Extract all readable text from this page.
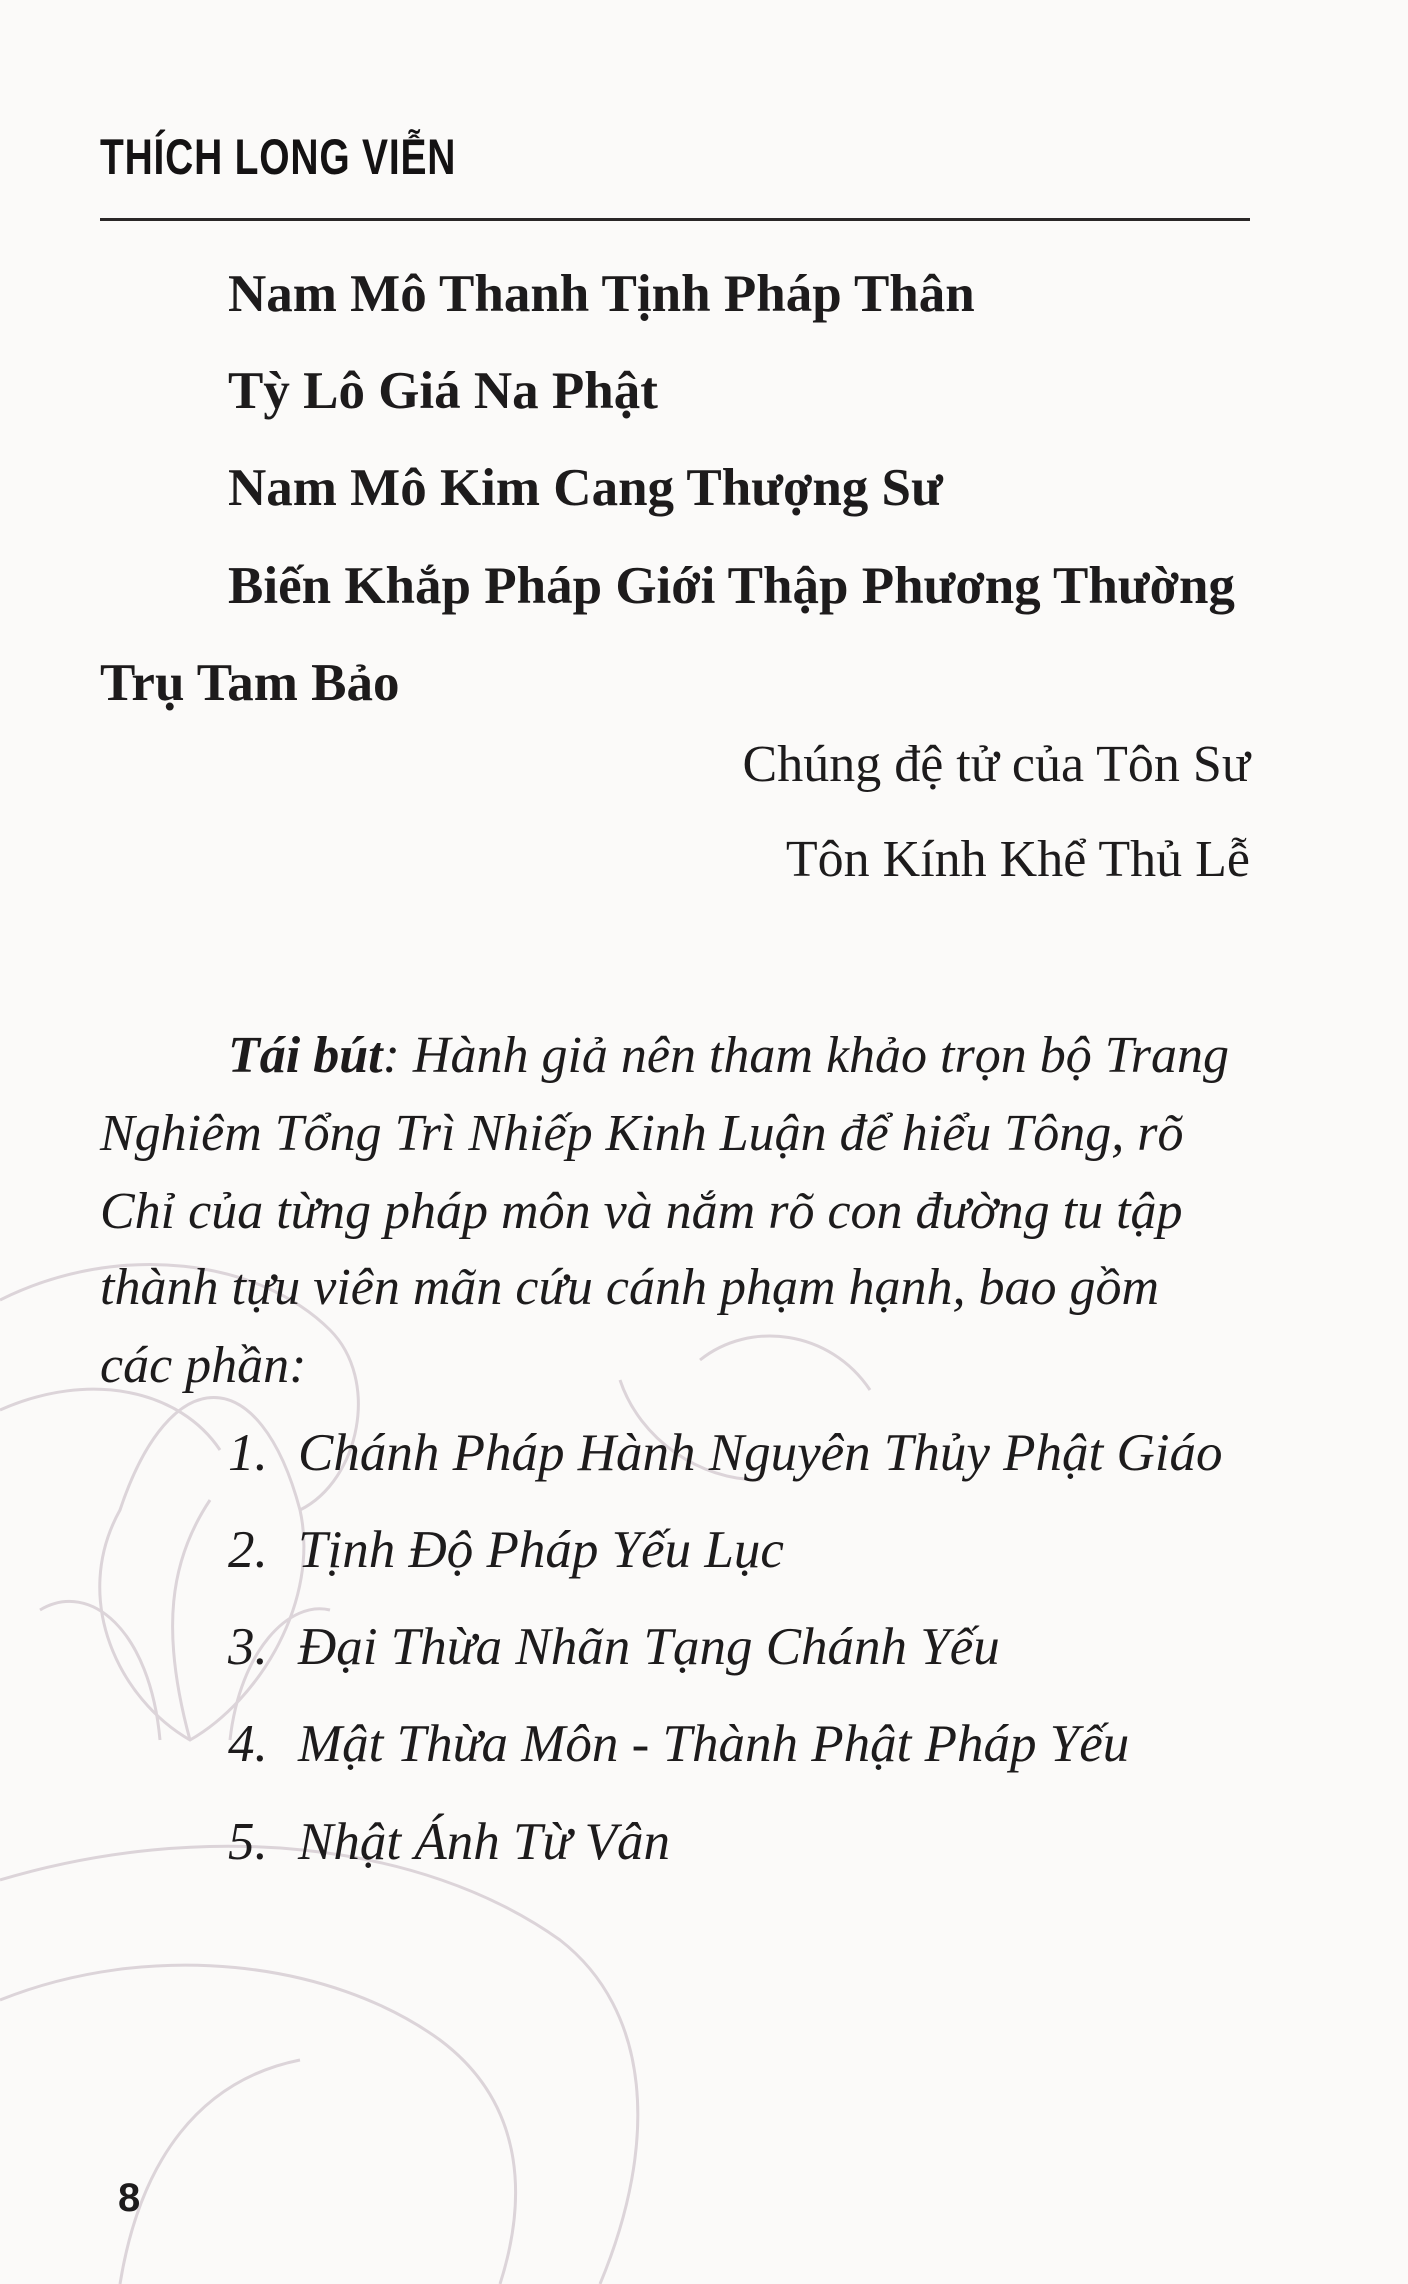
THÍCH LONG VIỄN
Nam Mô Thanh Tịnh Pháp Thân
Tỳ Lô Giá Na Phật
Nam Mô Kim Cang Thượng Sư
Biến Khắp Pháp Giới Thập Phương Thường
Trụ Tam Bảo
Chúng đệ tử của Tôn Sư
Tôn Kính Khể Thủ Lễ
Tái bút: Hành giả nên tham khảo trọn bộ Trang
Nghiêm Tổng Trì Nhiếp Kinh Luận để hiểu Tông, rõ
Chỉ của từng pháp môn và nắm rõ con đường tu tập
thành tựu viên mãn cứu cánh phạm hạnh, bao gồm
các phần:
1. Chánh Pháp Hành Nguyên Thủy Phật Giáo
2. Tịnh Độ Pháp Yếu Lục
3. Đại Thừa Nhãn Tạng Chánh Yếu
4. Mật Thừa Môn - Thành Phật Pháp Yếu
5. Nhật Ánh Từ Vân
8
